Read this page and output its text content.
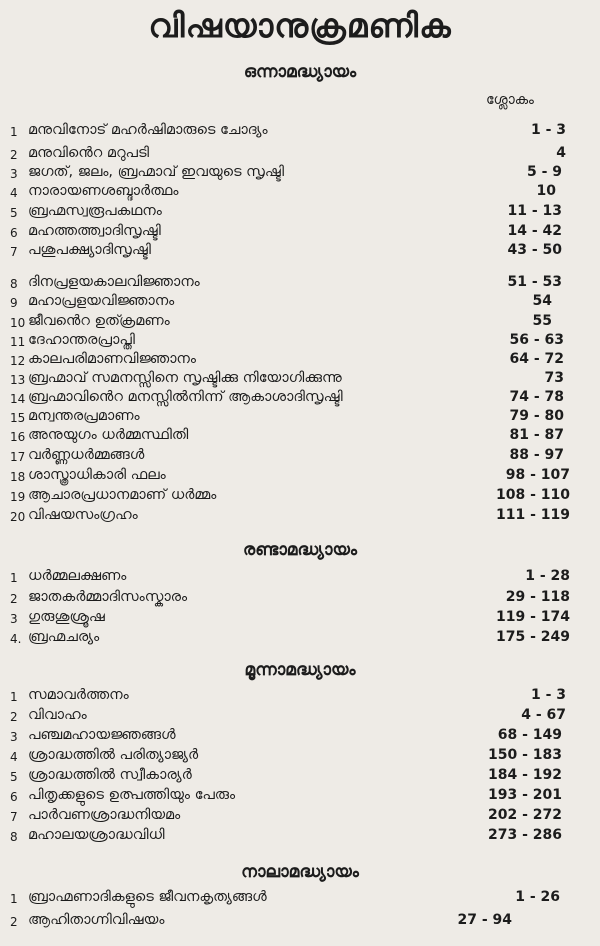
വിഷയാനുക്രമണിക
ശ്ലോകം
ഒന്നാമദ്ധ്യായം
1 മനുവിനോട് മഹർഷിമാരുടെ ചോദ്യം	1 - 3
2 മനുവിൻെറ മറുപടി	4
3 ജഗത്, ജലം, ബ്രഹ്മാവ് ഇവയുടെ സൃഷ്ടി	5 - 9
4 നാരായണശബ്ദാർത്ഥം	10
5 ബ്രഹ്മസ്വരൂപകഥനം	11 - 13
6 മഹത്തത്ത്വാദിസൃഷ്ടി	14 - 42
7 പശുപക്ഷ്യാദിസൃഷ്ടി	43 - 50
8 ദിനപ്രളയകാലവിജ്ഞാനം	51 - 53
9 മഹാപ്രളയവിജ്ഞാനം	54
10 ജീവൻെറ ഉത്ക്രമണം	55
11 ദേഹാന്തരപ്രാപ്തി	56 - 63
12 കാലപരിമാണവിജ്ഞാനം	64 - 72
13 ബ്രഹ്മാവ് സമനസ്സിനെ സൃഷ്ടിക്കു നിയോഗിക്കുന്നു	73
14 ബ്രഹ്മാവിൻെറ മനസ്സിൽനിന്ന് ആകാശാദിസൃഷ്ടി	74 - 78
15 മന്വന്തരപ്രമാണം	79 - 80
16 അനുയുഗം ധർമ്മസ്ഥിതി	81 - 87
17 വർണ്ണധർമ്മങ്ങൾ	88 - 97
18 ശാസ്ത്രാധികാരി ഫലം	98 - 107
19 ആചാരപ്രധാനമാണ് ധർമ്മം	108 - 110
20 വിഷയസംഗ്രഹം	111 - 119
രണ്ടാമദ്ധ്യായം
1 ധർമ്മലക്ഷണം	1 - 28
2 ജാതകർമ്മാദിസംസ്കാരം	29 - 118
3 ഗുരുശുശ്രൂഷ	119 - 174
4. ബ്രഹ്മചര്യം	175 - 249
മൂന്നാമദ്ധ്യായം
1 സമാവർത്തനം	1 - 3
2 വിവാഹം	4 - 67
3 പഞ്ചമഹായജ്ഞങ്ങൾ	68 - 149
4 ശ്രാദ്ധത്തിൽ പരിത്യാജ്യർ	150 - 183
5 ശ്രാദ്ധത്തിൽ സ്വീകാര്യർ	184 - 192
6 പിതൃക്കളുടെ ഉത്പത്തിയും പേരും	193 - 201
7 പാർവണശ്രാദ്ധനിയമം	202 - 272
8 മഹാലയശ്രാദ്ധവിധി	273 - 286
നാലാമദ്ധ്യായം
1 ബ്രാഹ്മണാദികളുടെ ജീവനകൃത്യങ്ങൾ	1 - 26
2 ആഹിതാഗ്നിവിഷയം	27 - 94
